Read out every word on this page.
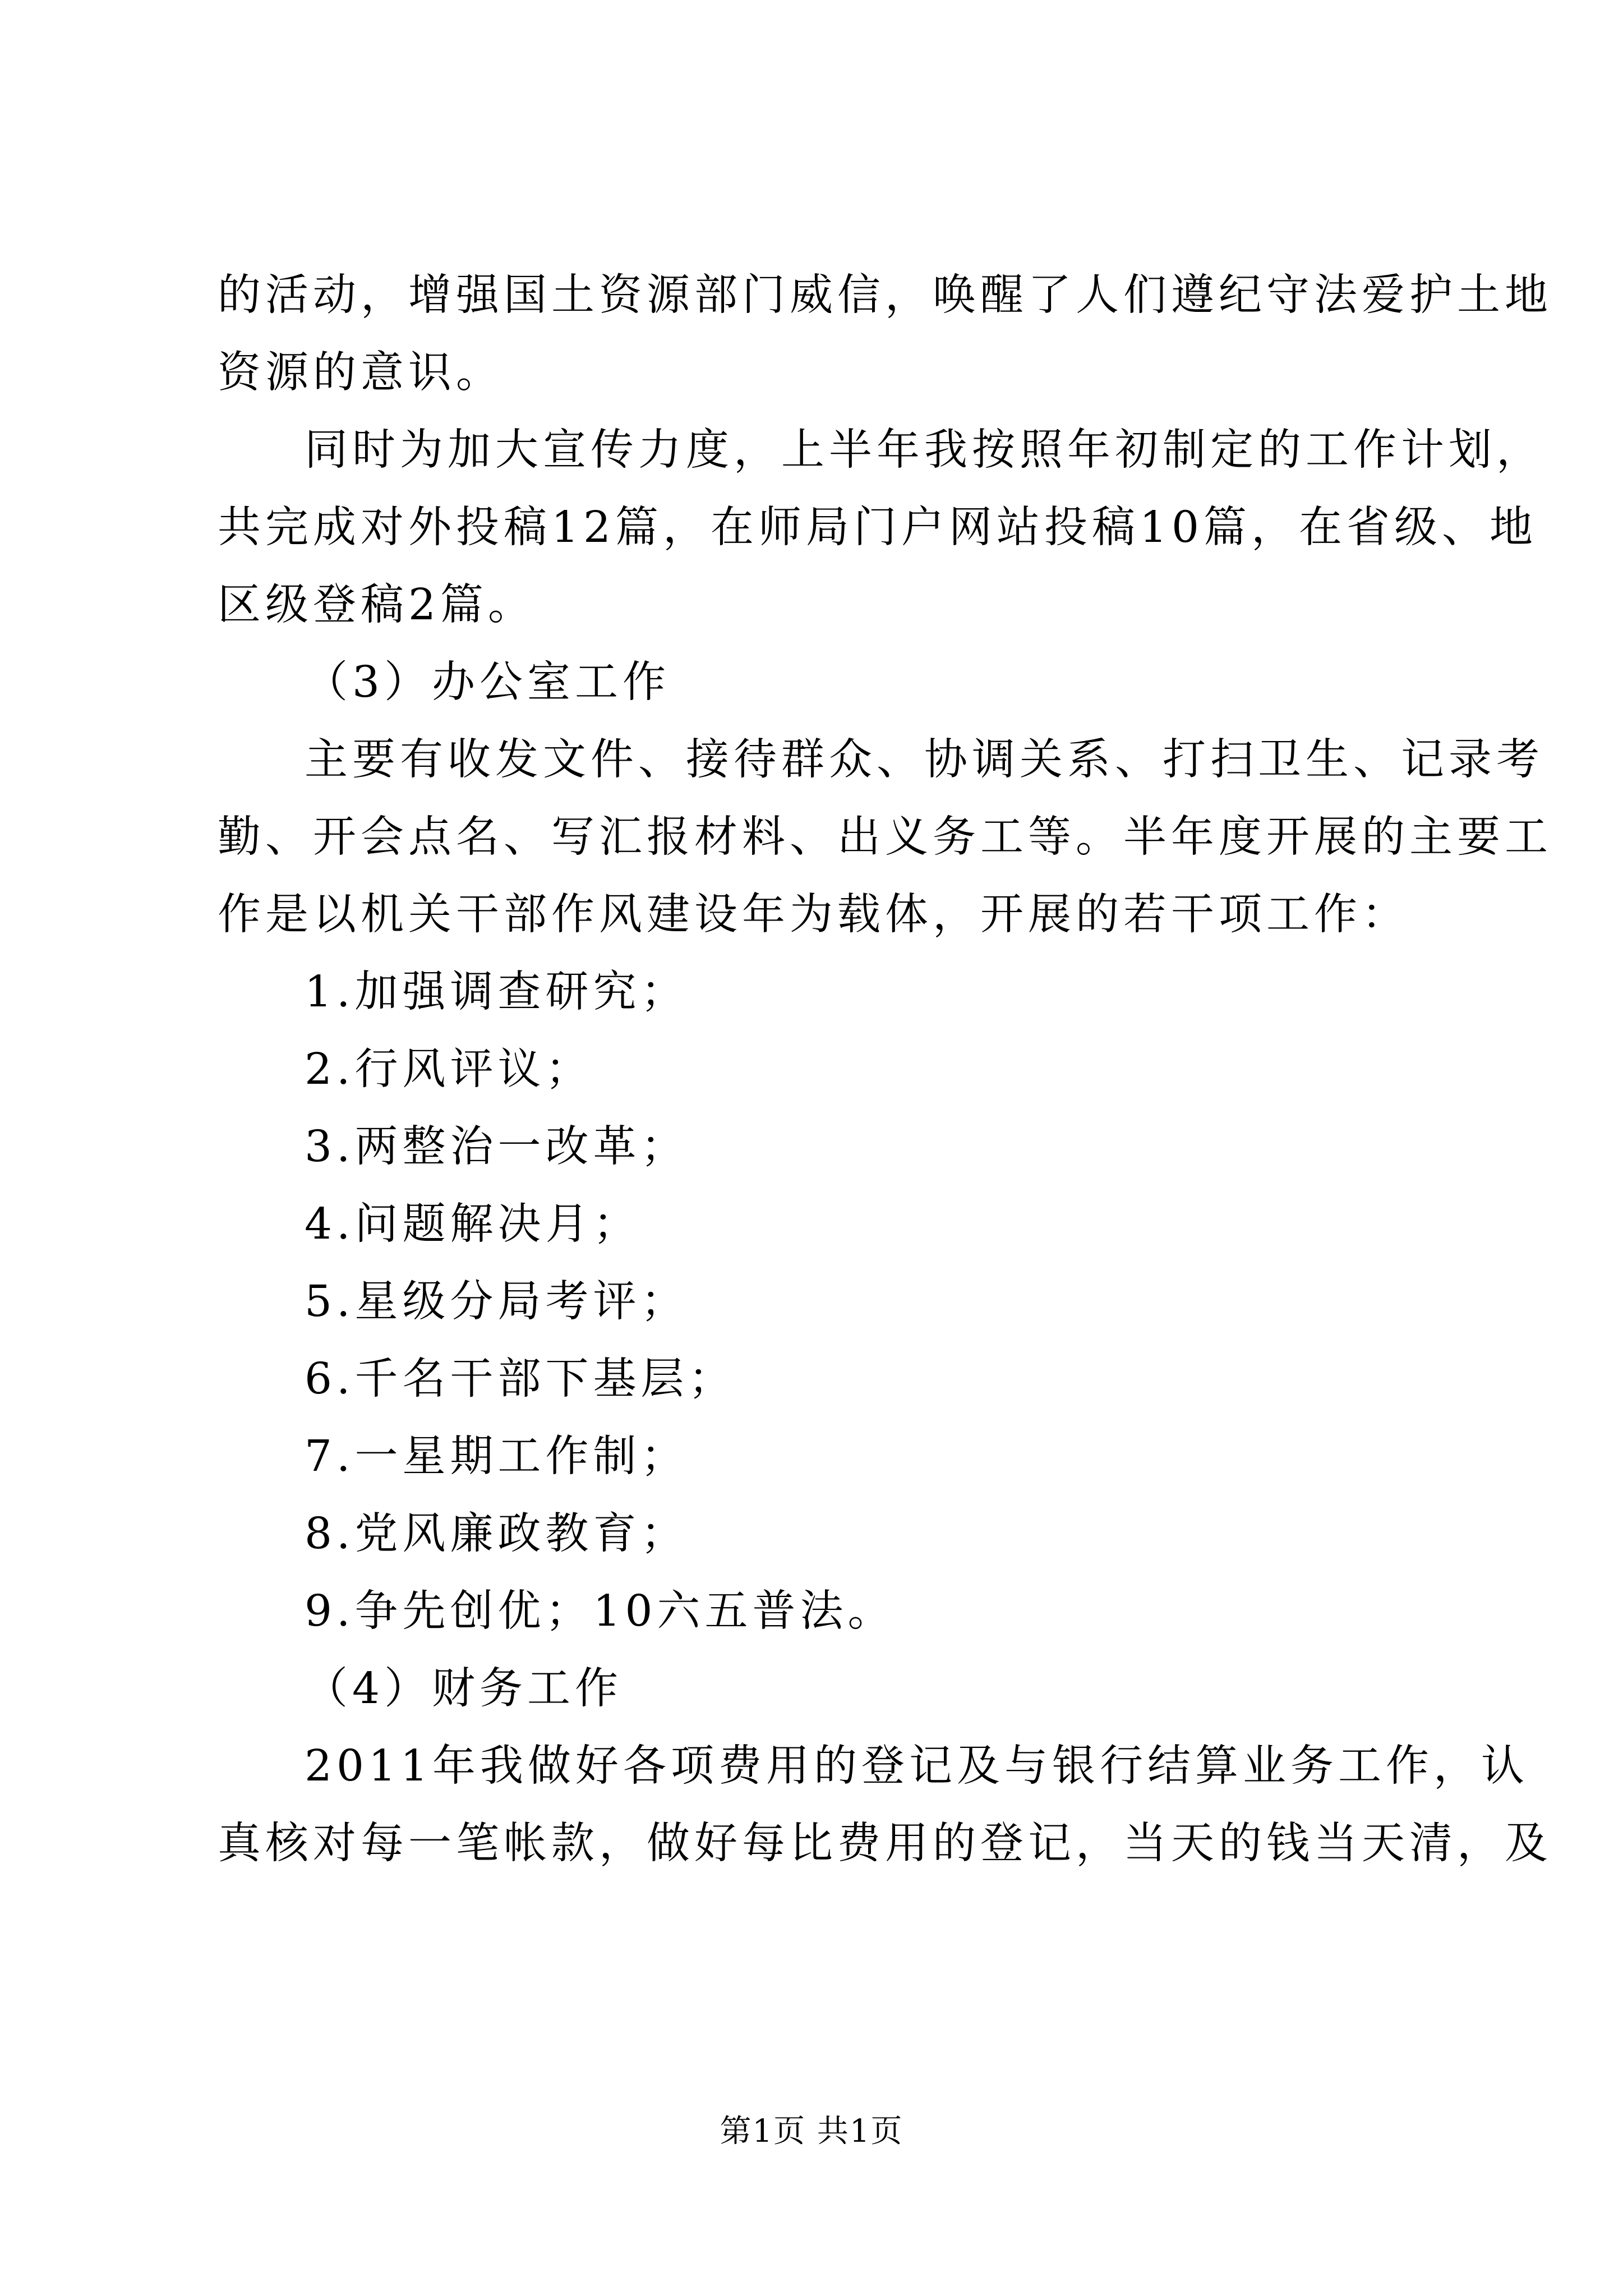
的活动，增强国土资源部门威信，唤醒了人们遵纪守法爱护土地
资源的意识。
同时为加大宣传力度，上半年我按照年初制定的工作计划，
共完成对外投稿12篇，在师局门户网站投稿10篇，在省级、地
区级登稿2篇。
（3）办公室工作
主要有收发文件、接待群众、协调关系、打扫卫生、记录考
勤、开会点名、写汇报材料、出义务工等。半年度开展的主要工
作是以机关干部作风建设年为载体，开展的若干项工作：
1.加强调查研究；
2.行风评议；
3.两整治一改革；
4.问题解决月；
5.星级分局考评；
6.千名干部下基层；
7.一星期工作制；
8.党风廉政教育；
9.争先创优；10六五普法。
（4）财务工作
2011年我做好各项费用的登记及与银行结算业务工作，认
真核对每一笔帐款，做好每比费用的登记，当天的钱当天清，及
第1页 共1页
